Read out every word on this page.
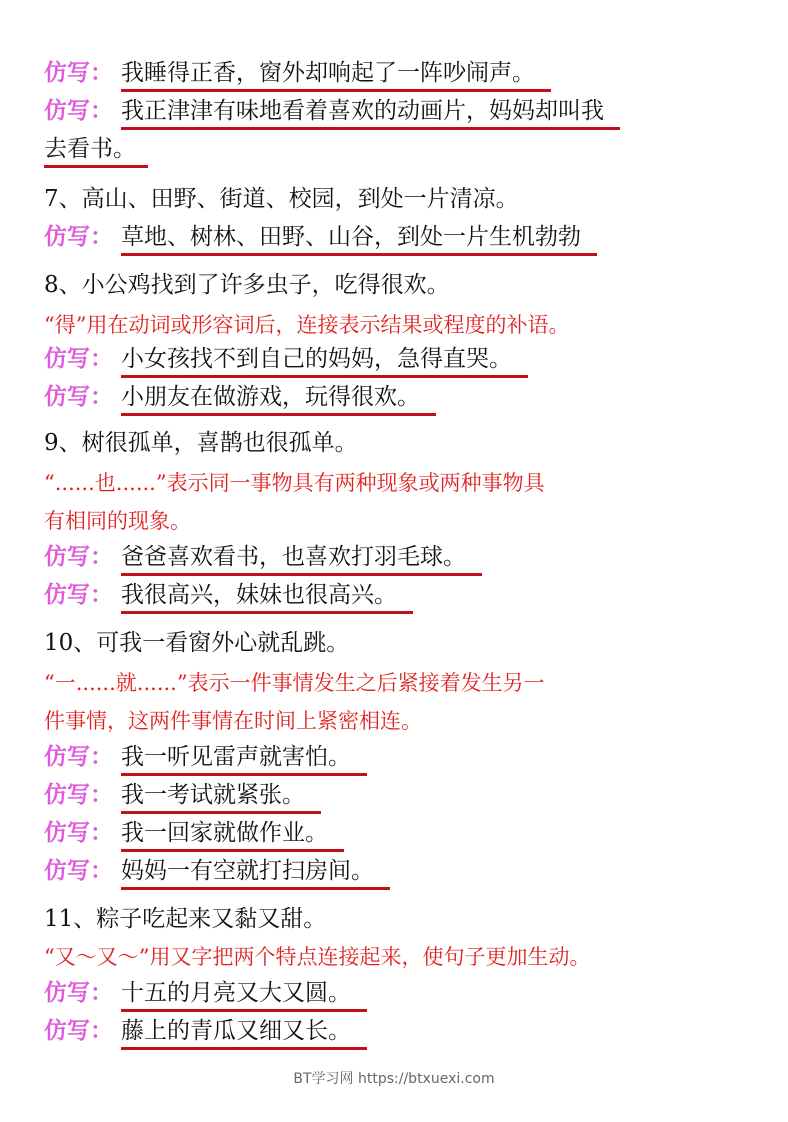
仿写： 我睡得正香，窗外却响起了一阵吵闹声。
仿写： 我正津津有味地看着喜欢的动画片，妈妈却叫我
去看书。
7、高山、田野、街道、校园，到处一片清凉。
仿写： 草地、树林、田野、山谷，到处一片生机勃勃
8、小公鸡找到了许多虫子，吃得很欢。
“得”用在动词或形容词后，连接表示结果或程度的补语。
仿写： 小女孩找不到自己的妈妈，急得直哭。
仿写： 小朋友在做游戏，玩得很欢。
9、树很孤单，喜鹊也很孤单。
“......也......”表示同一事物具有两种现象或两种事物具
有相同的现象。
仿写： 爸爸喜欢看书，也喜欢打羽毛球。
仿写： 我很高兴，妹妹也很高兴。
10、可我一看窗外心就乱跳。
“一......就......”表示一件事情发生之后紧接着发生另一
件事情，这两件事情在时间上紧密相连。
仿写： 我一听见雷声就害怕。
仿写： 我一考试就紧张。
仿写： 我一回家就做作业。
仿写： 妈妈一有空就打扫房间。
11、粽子吃起来又黏又甜。
“又～又～”用又字把两个特点连接起来，使句子更加生动。
仿写： 十五的月亮又大又圆。
仿写： 藤上的青瓜又细又长。
BT学习网 https://btxuexi.com
